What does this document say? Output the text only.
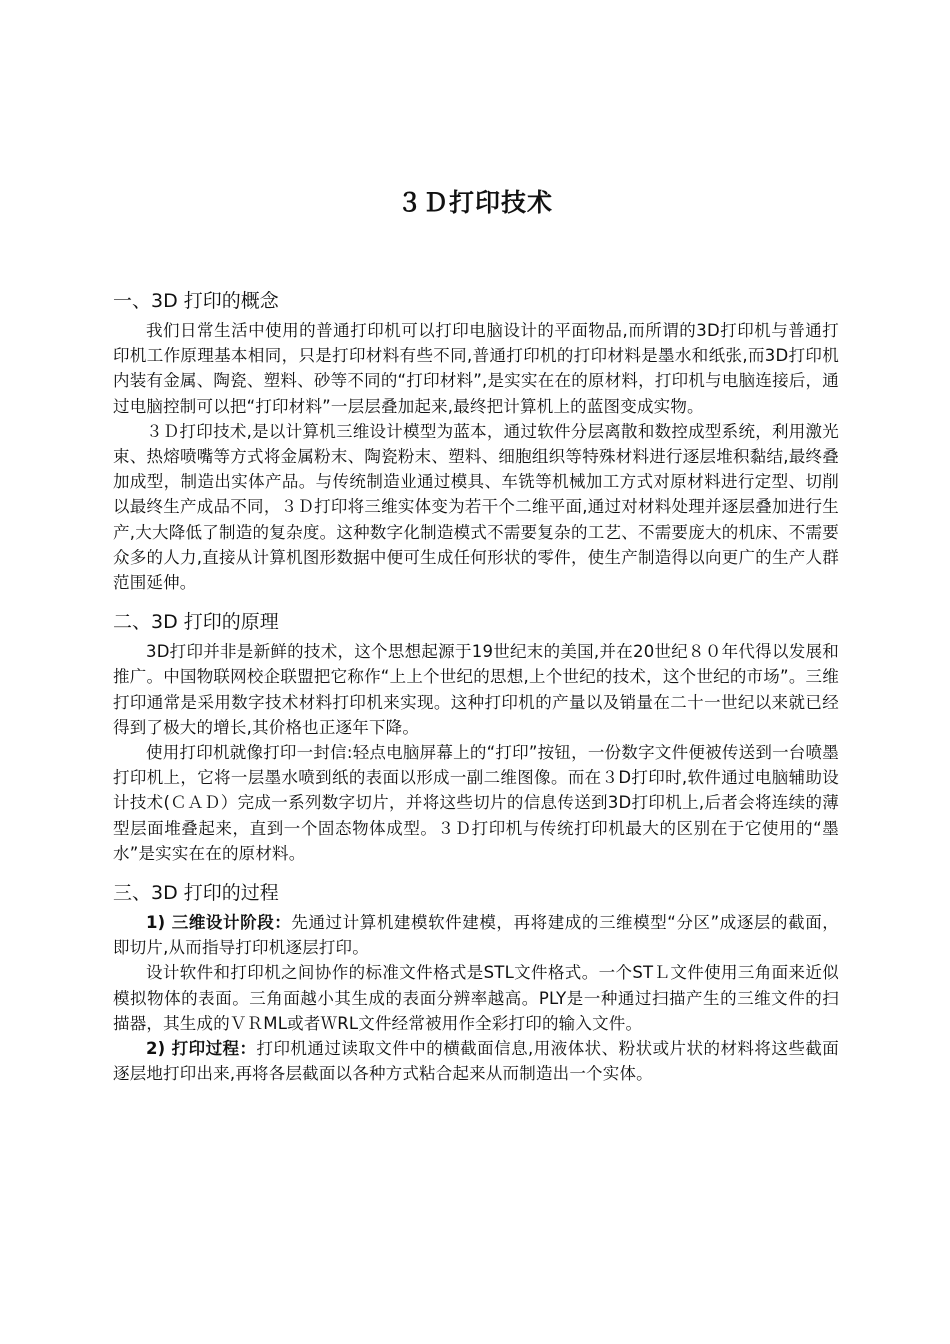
３Ｄ打印技术
一、3D 打印的概念

我们日常生活中使用的普通打印机可以打印电脑设计的平面物品,而所谓的3D打印机与普通打印机工作原理基本相同，只是打印材料有些不同,普通打印机的打印材料是墨水和纸张,而3D打印机内装有金属、陶瓷、塑料、砂等不同的“打印材料”,是实实在在的原材料，打印机与电脑连接后，通过电脑控制可以把“打印材料”一层层叠加起来,最终把计算机上的蓝图变成实物。

３Ｄ打印技术,是以计算机三维设计模型为蓝本，通过软件分层离散和数控成型系统，利用激光束、热熔喷嘴等方式将金属粉末、陶瓷粉末、塑料、细胞组织等特殊材料进行逐层堆积黏结,最终叠加成型，制造出实体产品。与传统制造业通过模具、车铣等机械加工方式对原材料进行定型、切削以最终生产成品不同，３Ｄ打印将三维实体变为若干个二维平面,通过对材料处理并逐层叠加进行生产,大大降低了制造的复杂度。这种数字化制造模式不需要复杂的工艺、不需要庞大的机床、不需要众多的人力,直接从计算机图形数据中便可生成任何形状的零件，使生产制造得以向更广的生产人群范围延伸。

二、3D 打印的原理

3D打印并非是新鲜的技术，这个思想起源于19世纪末的美国,并在20世纪８０年代得以发展和推广。中国物联网校企联盟把它称作“上上个世纪的思想,上个世纪的技术，这个世纪的市场”。三维打印通常是采用数字技术材料打印机来实现。这种打印机的产量以及销量在二十一世纪以来就已经得到了极大的增长,其价格也正逐年下降。

使用打印机就像打印一封信:轻点电脑屏幕上的“打印”按钮，一份数字文件便被传送到一台喷墨打印机上，它将一层墨水喷到纸的表面以形成一副二维图像。而在３D打印时,软件通过电脑辅助设计技术(ＣＡＤ）完成一系列数字切片，并将这些切片的信息传送到3D打印机上,后者会将连续的薄型层面堆叠起来，直到一个固态物体成型。３Ｄ打印机与传统打印机最大的区别在于它使用的“墨水”是实实在在的原材料。

三、3D 打印的过程

1) 三维设计阶段：先通过计算机建模软件建模，再将建成的三维模型“分区”成逐层的截面，即切片,从而指导打印机逐层打印。

设计软件和打印机之间协作的标准文件格式是STL文件格式。一个STＬ文件使用三角面来近似模拟物体的表面。三角面越小其生成的表面分辨率越高。PLY是一种通过扫描产生的三维文件的扫描器，其生成的ＶＲML或者ＷRL文件经常被用作全彩打印的输入文件。

2) 打印过程：打印机通过读取文件中的横截面信息,用液体状、粉状或片状的材料将这些截面逐层地打印出来,再将各层截面以各种方式粘合起来从而制造出一个实体。
